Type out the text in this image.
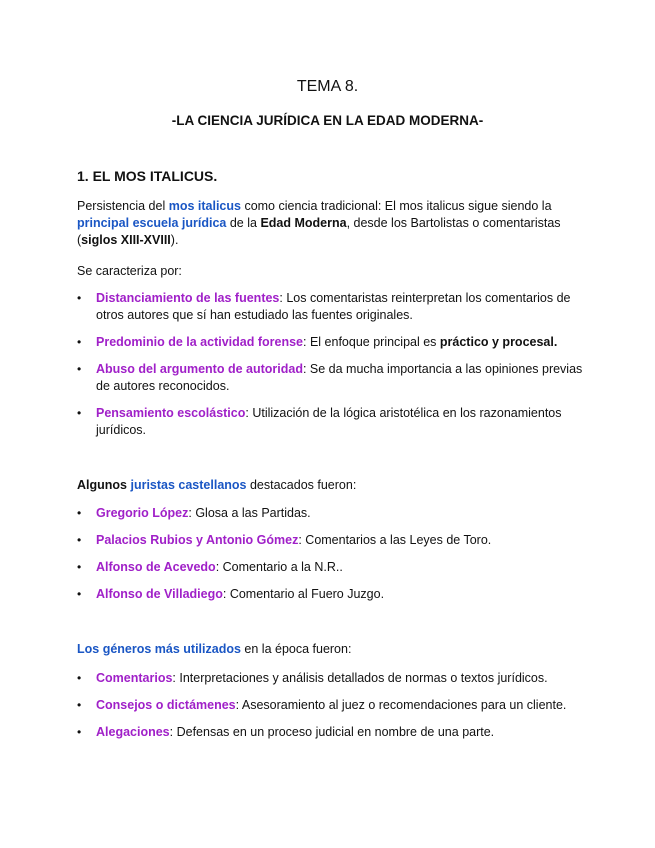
TEMA 8.
-LA CIENCIA JURÍDICA EN LA EDAD MODERNA-
1. EL MOS ITALICUS.
Persistencia del mos italicus como ciencia tradicional: El mos italicus sigue siendo la principal escuela jurídica de la Edad Moderna, desde los Bartolistas o comentaristas (siglos XIII-XVIII).
Se caracteriza por:
• Distanciamiento de las fuentes: Los comentaristas reinterpretan los comentarios de otros autores que sí han estudiado las fuentes originales.
• Predominio de la actividad forense: El enfoque principal es práctico y procesal.
• Abuso del argumento de autoridad: Se da mucha importancia a las opiniones previas de autores reconocidos.
• Pensamiento escolástico: Utilización de la lógica aristotélica en los razonamientos jurídicos.
Algunos juristas castellanos destacados fueron:
• Gregorio López: Glosa a las Partidas.
• Palacios Rubios y Antonio Gómez: Comentarios a las Leyes de Toro.
• Alfonso de Acevedo: Comentario a la N.R..
• Alfonso de Villadiego: Comentario al Fuero Juzgo.
Los géneros más utilizados en la época fueron:
• Comentarios: Interpretaciones y análisis detallados de normas o textos jurídicos.
• Consejos o dictámenes: Asesoramiento al juez o recomendaciones para un cliente.
• Alegaciones: Defensas en un proceso judicial en nombre de una parte.
